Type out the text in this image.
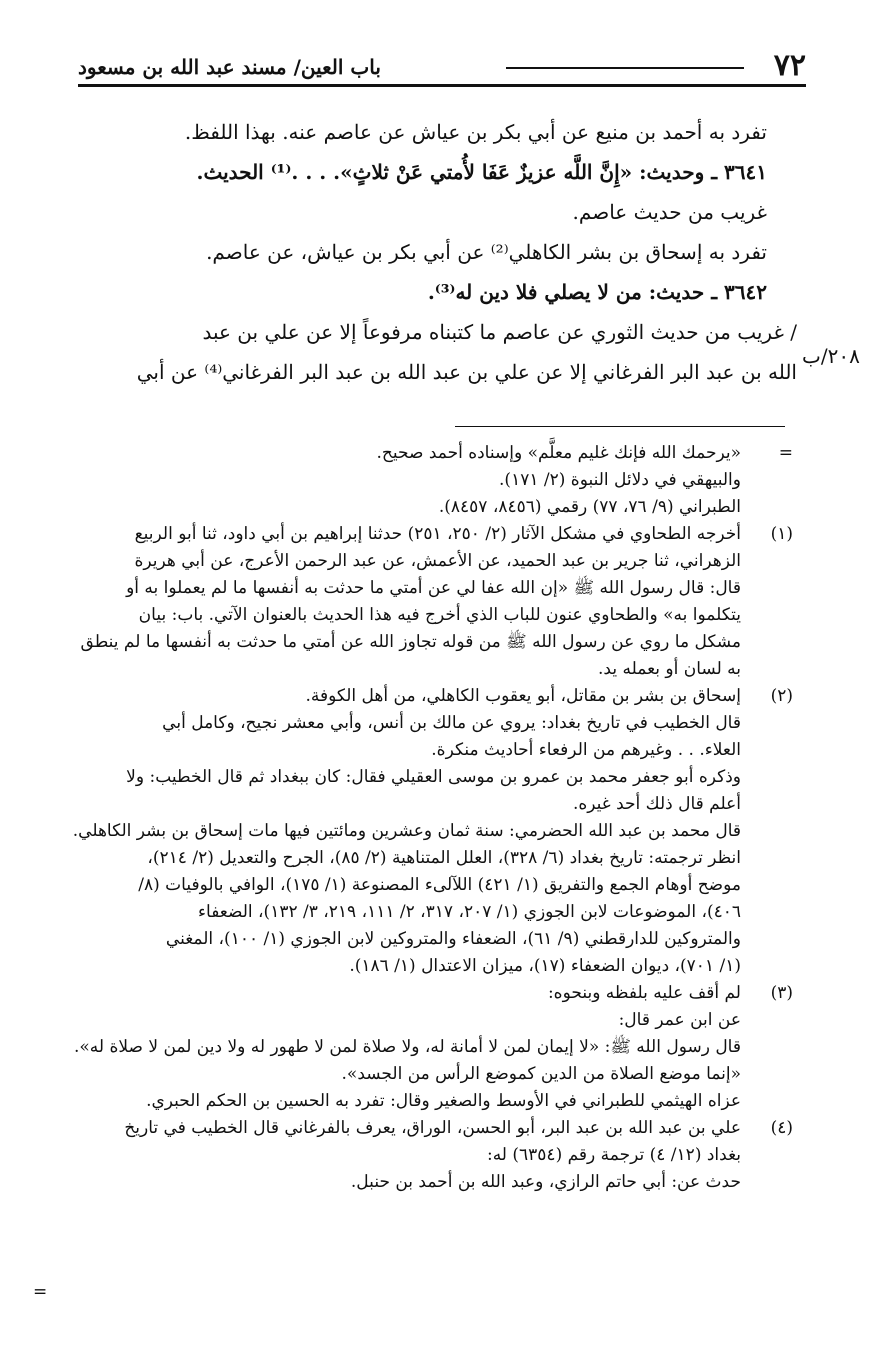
٧٢
باب العين/ مسند عبد الله بن مسعود
٢٠٨/ب

تفرد به أحمد بن منيع عن أبي بكر بن عياش عن عاصم عنه. بهذا اللفظ.

٣٦٤١ ـ وحديث: «إِنَّ اللَّه عزيزٌ عَفَا لأُمتي عَنْ ثلاثٍ». . . .⁽¹⁾ الحديث.

غريب من حديث عاصم.

تفرد به إسحاق بن بشر الكاهلي⁽²⁾ عن أبي بكر بن عياش، عن عاصم.

٣٦٤٢ ـ حديث: من لا يصلي فلا دين له⁽³⁾.

/ غريب من حديث الثوري عن عاصم ما كتبناه مرفوعاً إلا عن علي بن عبد

الله بن عبد البر الفرغاني إلا عن علي بن عبد الله بن عبد البر الفرغاني⁽⁴⁾ عن أبي

=
«يرحمك الله فإنك غليم معلَّم» وإسناده أحمد صحيح.
والبيهقي في دلائل النبوة (٢/ ١٧١).
الطبراني (٩/ ٧٦، ٧٧) رقمي (٨٤٥٦، ٨٤٥٧).
(١)
أخرجه الطحاوي في مشكل الآثار (٢/ ٢٥٠، ٢٥١) حدثنا إبراهيم بن أبي داود، ثنا أبو الربيع
الزهراني، ثنا جرير بن عبد الحميد، عن الأعمش، عن عبد الرحمن الأعرج، عن أبي هريرة
قال: قال رسول الله ﷺ «إن الله عفا لي عن أمتي ما حدثت به أنفسها ما لم يعملوا به أو
يتكلموا به» والطحاوي عنون للباب الذي أخرج فيه هذا الحديث بالعنوان الآتي. باب: بيان
مشكل ما روي عن رسول الله ﷺ من قوله تجاوز الله عن أمتي ما حدثت به أنفسها ما لم ينطق
به لسان أو بعمله يد.
(٢)
إسحاق بن بشر بن مقاتل، أبو يعقوب الكاهلي، من أهل الكوفة.
قال الخطيب في تاريخ بغداد: يروي عن مالك بن أنس، وأبي معشر نجيح، وكامل أبي
العلاء. . . وغيرهم من الرفعاء أحاديث منكرة.
وذكره أبو جعفر محمد بن عمرو بن موسى العقيلي فقال: كان ببغداد ثم قال الخطيب: ولا
أعلم قال ذلك أحد غيره.
قال محمد بن عبد الله الحضرمي: سنة ثمان وعشرين ومائتين فيها مات إسحاق بن بشر الكاهلي.
انظر ترجمته: تاريخ بغداد (٦/ ٣٢٨)، العلل المتناهية (٢/ ٨٥)، الجرح والتعديل (٢/ ٢١٤)،
موضح أوهام الجمع والتفريق (١/ ٤٢١) اللآلىء المصنوعة (١/ ١٧٥)، الوافي بالوفيات (٨/
٤٠٦)، الموضوعات لابن الجوزي (١/ ٢٠٧، ٣١٧، ٢/ ١١١، ٢١٩، ٣/ ١٣٢)، الضعفاء
والمتروكين للدارقطني (٩/ ٦١)، الضعفاء والمتروكين لابن الجوزي (١/ ١٠٠)، المغني
(١/ ٧٠١)، ديوان الضعفاء (١٧)، ميزان الاعتدال (١/ ١٨٦).
(٣)
لم أقف عليه بلفظه وبنحوه:
عن ابن عمر قال:
قال رسول الله ﷺ: «لا إيمان لمن لا أمانة له، ولا صلاة لمن لا طهور له ولا دين لمن لا صلاة له».
«إنما موضع الصلاة من الدين كموضع الرأس من الجسد».
عزاه الهيثمي للطبراني في الأوسط والصغير وقال: تفرد به الحسين بن الحكم الحبري.
(٤)
علي بن عبد الله بن عبد البر، أبو الحسن، الوراق، يعرف بالفرغاني قال الخطيب في تاريخ
بغداد (١٢/ ٤) ترجمة رقم (٦٣٥٤) له:
حدث عن: أبي حاتم الرازي، وعبد الله بن أحمد بن حنبل.
=
